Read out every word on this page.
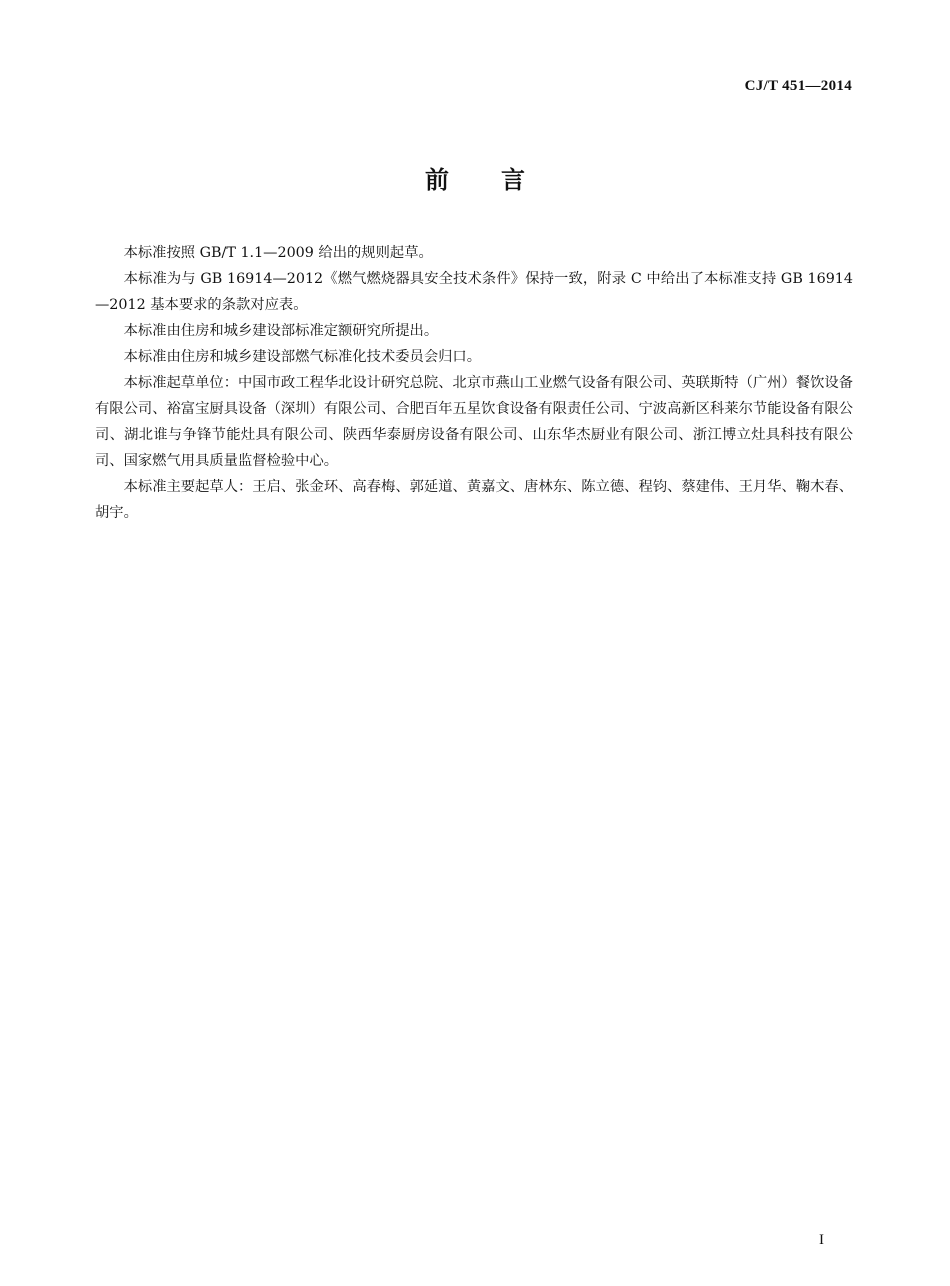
CJ/T 451—2014
前言

本标准按照 GB/T 1.1—2009 给出的规则起草。

本标准为与 GB 16914—2012《燃气燃烧器具安全技术条件》保持一致，附录 C 中给出了本标准支持 GB 16914—2012 基本要求的条款对应表。

本标准由住房和城乡建设部标准定额研究所提出。

本标准由住房和城乡建设部燃气标准化技术委员会归口。

本标准起草单位：中国市政工程华北设计研究总院、北京市燕山工业燃气设备有限公司、英联斯特（广州）餐饮设备有限公司、裕富宝厨具设备（深圳）有限公司、合肥百年五星饮食设备有限责任公司、宁波高新区科莱尔节能设备有限公司、湖北谁与争锋节能灶具有限公司、陕西华泰厨房设备有限公司、山东华杰厨业有限公司、浙江博立灶具科技有限公司、国家燃气用具质量监督检验中心。

本标准主要起草人：王启、张金环、高春梅、郭延道、黄嘉文、唐林东、陈立德、程钧、蔡建伟、王月华、鞠木春、胡宇。

I
